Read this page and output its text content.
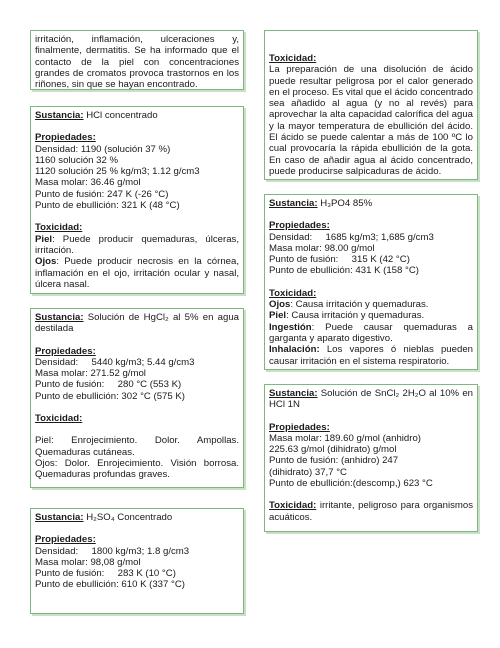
irritación, inflamación, ulceraciones y, finalmente, dermatitis. Se ha informado que el contacto de la piel con concentraciones grandes de cromatos provoca trastornos en los riñones, sin que se hayan encontrado.

Sustancia: HCl concentrado

Propiedades:

Densidad: 1190 (solución 37 %)

1160 solución 32 %

1120 solución 25 % kg/m3; 1.12 g/cm3

Masa molar: 36.46 g/mol

Punto de fusión: 247 K (-26 °C)

Punto de ebullición: 321 K (48 °C)

Toxicidad:

Piel: Puede producir quemaduras, úlceras, irritación.

Ojos: Puede producir necrosis en la córnea, inflamación en el ojo, irritación ocular y nasal, úlcera nasal.

Sustancia: Solución de HgCl₂ al 5% en agua destilada

Propiedades:

Densidad:     5440 kg/m3; 5.44 g/cm3

Masa molar: 271.52 g/mol

Punto de fusión:     280 °C (553 K)

Punto de ebullición: 302 °C (575 K)

Toxicidad:

Piel: Enrojecimiento. Dolor. Ampollas. Quemaduras cutáneas.

Ojos: Dolor. Enrojecimiento. Visión borrosa. Quemaduras profundas graves.

Sustancia: H₂SO₄ Concentrado

Propiedades:

Densidad:     1800 kg/m3; 1.8 g/cm3

Masa molar: 98,08 g/mol

Punto de fusión:     283 K (10 °C)

Punto de ebullición: 610 K (337 °C)

Toxicidad:

La preparación de una disolución de ácido puede resultar peligrosa por el calor generado en el proceso. Es vital que el ácido concentrado sea añadido al agua (y no al revés) para aprovechar la alta capacidad calorífica del agua y la mayor temperatura de ebullición del ácido. El ácido se puede calentar a más de 100 ºC lo cual provocaría la rápida ebullición de la gota. En caso de añadir agua al ácido concentrado, puede producirse salpicaduras de ácido.

Sustancia: H₃PO4 85%

Propiedades:

Densidad:     1685 kg/m3; 1,685 g/cm3

Masa molar: 98.00 g/mol

Punto de fusión:     315 K (42 °C)

Punto de ebullición: 431 K (158 °C)

Toxicidad:

Ojos: Causa irritación y quemaduras.

Piel: Causa irritación y quemaduras.

Ingestión: Puede causar quemaduras a garganta y aparato digestivo.

Inhalación: Los vapores ó nieblas pueden causar irritación en el sistema respiratorio.

Sustancia: Solución de SnCl₂ 2H₂O al 10% en HCl 1N

Propiedades:

Masa molar: 189.60 g/mol (anhidro)

225.63 g/mol (dihidrato) g/mol

Punto de fusión: (anhidro) 247

(dihidrato) 37,7 °C

Punto de ebullición:(descomp,) 623 °C

Toxicidad: irritante, peligroso para organismos acuáticos.
